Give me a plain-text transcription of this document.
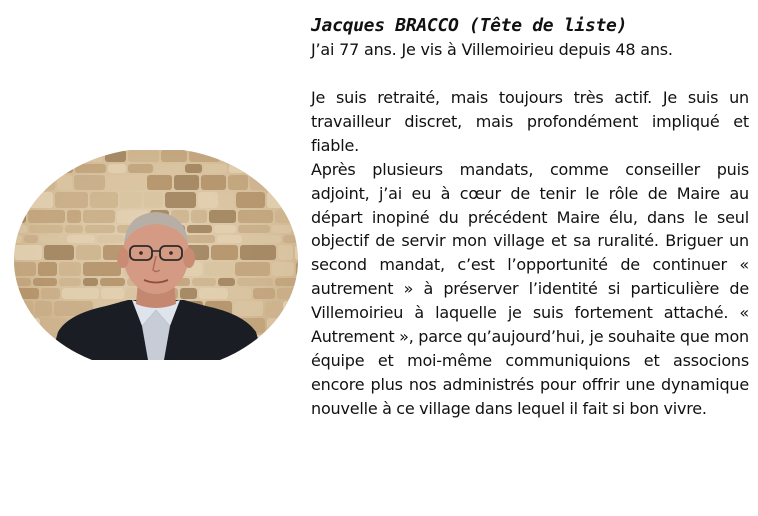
Jacques BRACCO (Tête de liste)

J’ai 77 ans. Je vis à Villemoirieu depuis 48 ans.

Je suis retraité, mais toujours très actif. Je suis un travailleur discret, mais profondément impliqué et fiable.

Après plusieurs mandats, comme conseiller puis adjoint, j’ai eu à cœur de tenir le rôle de Maire au départ inopiné du précédent Maire élu, dans le seul objectif de servir mon village et sa ruralité. Briguer un second mandat, c’est l’opportunité de continuer « autrement » à préserver l’identité si particulière de Villemoirieu à laquelle je suis fortement attaché. « Autrement », parce qu’aujourd’hui, je souhaite que mon équipe et moi-même communiquions et associons encore plus nos administrés pour offrir une dynamique nouvelle à ce village dans lequel il fait si bon vivre.
